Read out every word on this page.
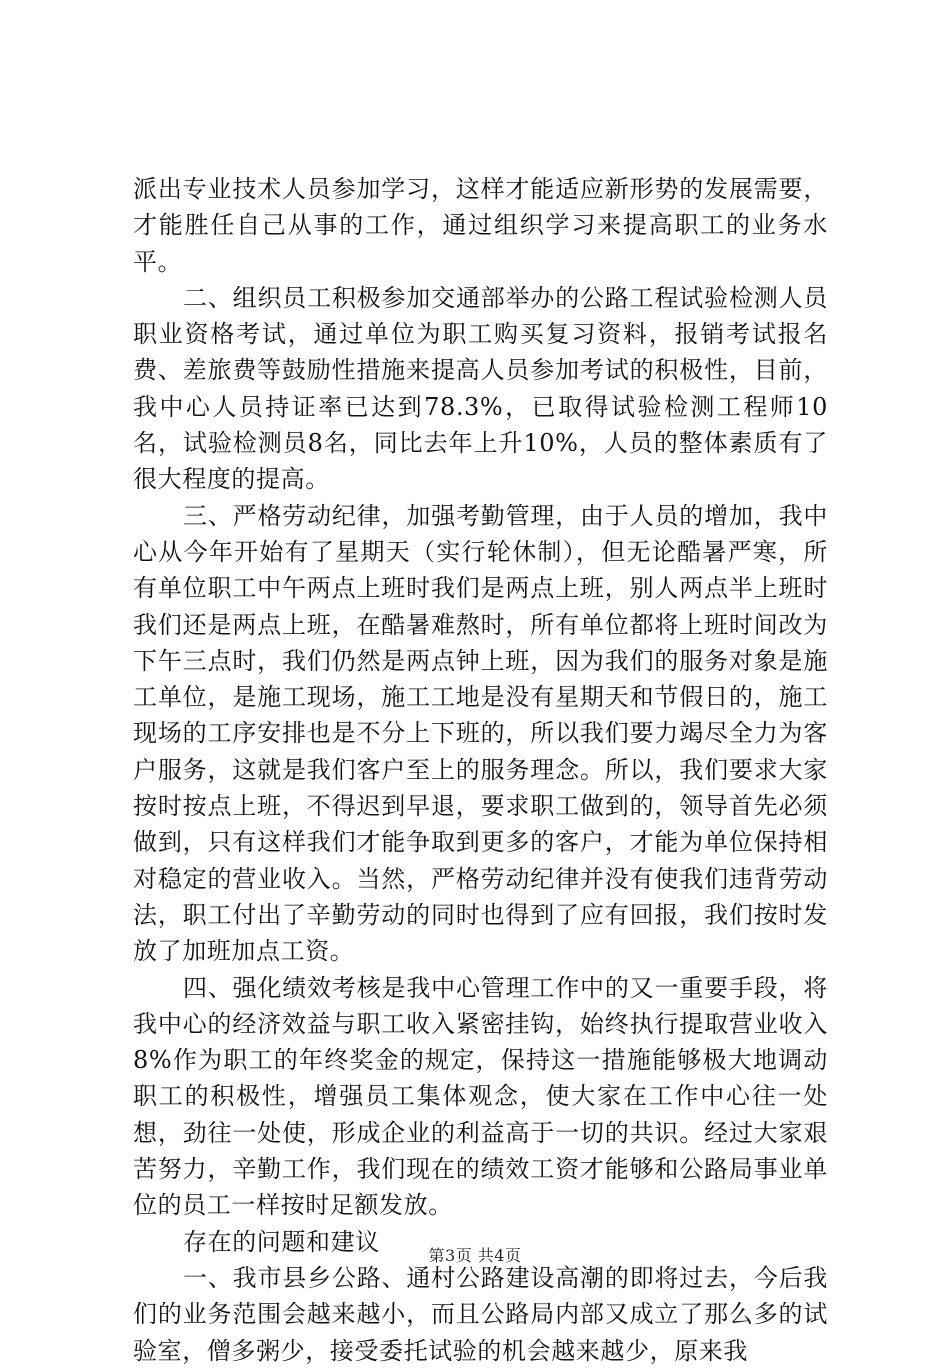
派出专业技术人员参加学习，这样才能适应新形势的发展需要，才能胜任自己从事的工作，通过组织学习来提高职工的业务水平。

二、组织员工积极参加交通部举办的公路工程试验检测人员职业资格考试，通过单位为职工购买复习资料，报销考试报名费、差旅费等鼓励性措施来提高人员参加考试的积极性，目前，我中心人员持证率已达到78.3%，已取得试验检测工程师10名，试验检测员8名，同比去年上升10%，人员的整体素质有了很大程度的提高。

三、严格劳动纪律，加强考勤管理，由于人员的增加，我中心从今年开始有了星期天（实行轮休制），但无论酷暑严寒，所有单位职工中午两点上班时我们是两点上班，别人两点半上班时我们还是两点上班，在酷暑难熬时，所有单位都将上班时间改为下午三点时，我们仍然是两点钟上班，因为我们的服务对象是施工单位，是施工现场，施工工地是没有星期天和节假日的，施工现场的工序安排也是不分上下班的，所以我们要力竭尽全力为客户服务，这就是我们客户至上的服务理念。所以，我们要求大家按时按点上班，不得迟到早退，要求职工做到的，领导首先必须做到，只有这样我们才能争取到更多的客户，才能为单位保持相对稳定的营业收入。当然，严格劳动纪律并没有使我们违背劳动法，职工付出了辛勤劳动的同时也得到了应有回报，我们按时发放了加班加点工资。

四、强化绩效考核是我中心管理工作中的又一重要手段，将我中心的经济效益与职工收入紧密挂钩，始终执行提取营业收入8%作为职工的年终奖金的规定，保持这一措施能够极大地调动职工的积极性，增强员工集体观念，使大家在工作中心往一处想，劲往一处使，形成企业的利益高于一切的共识。经过大家艰苦努力，辛勤工作，我们现在的绩效工资才能够和公路局事业单位的员工一样按时足额发放。

存在的问题和建议

一、我市县乡公路、通村公路建设高潮的即将过去，今后我们的业务范围会越来越小，而且公路局内部又成立了那么多的试验室，僧多粥少，接受委托试验的机会越来越少，原来我

第3页 共4页
